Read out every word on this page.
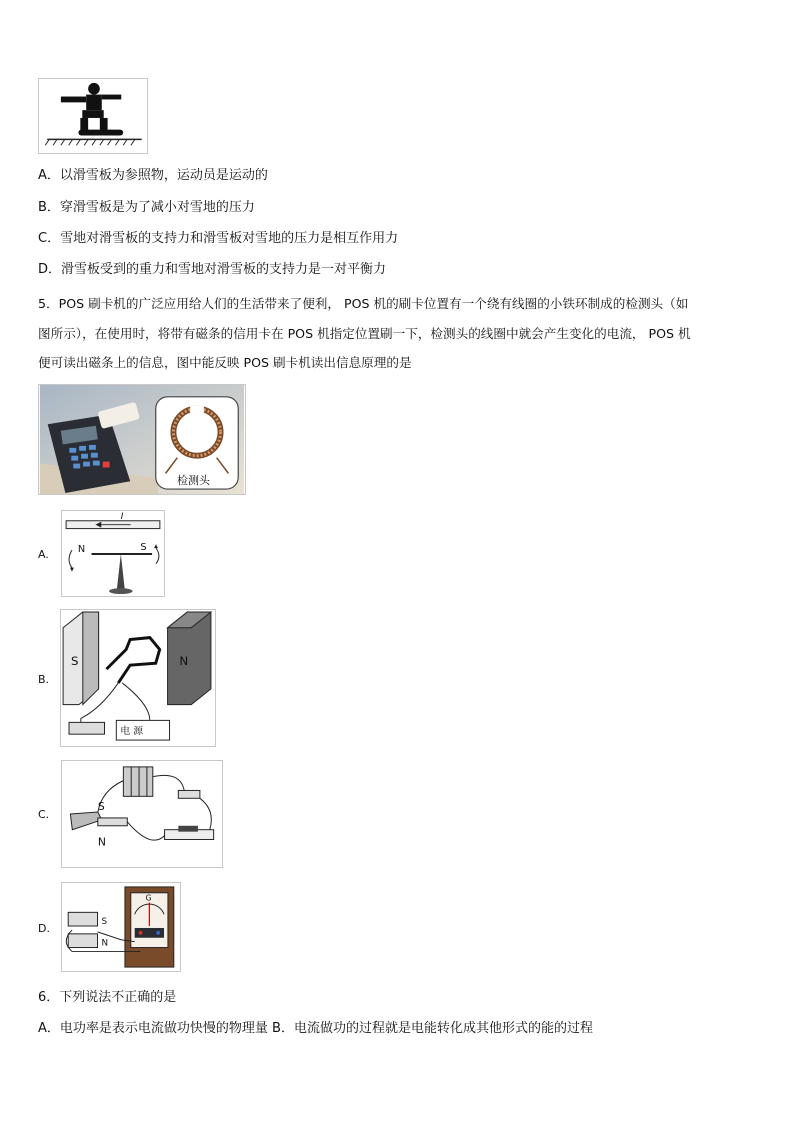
A．以滑雪板为参照物，运动员是运动的
B．穿滑雪板是为了减小对雪地的压力
C．雪地对滑雪板的支持力和滑雪板对雪地的压力是相互作用力
D．滑雪板受到的重力和雪地对滑雪板的支持力是一对平衡力
5．POS 刷卡机的广泛应用给人们的生活带来了便利， POS 机的刷卡位置有一个绕有线圈的小铁环制成的检测头（如
图所示），在使用时，将带有磁条的信用卡在 POS 机指定位置刷一下，检测头的线圈中就会产生变化的电流， POS 机
便可读出磁条上的信息，图中能反映 POS 刷卡机读出信息原理的是
检测头
A.
I
N	S
B.
S	N
电 源
C.
S
N
D.	S
N
G
6．下列说法不正确的是
A．电功率是表示电流做功快慢的物理量 B．电流做功的过程就是电能转化成其他形式的能的过程
